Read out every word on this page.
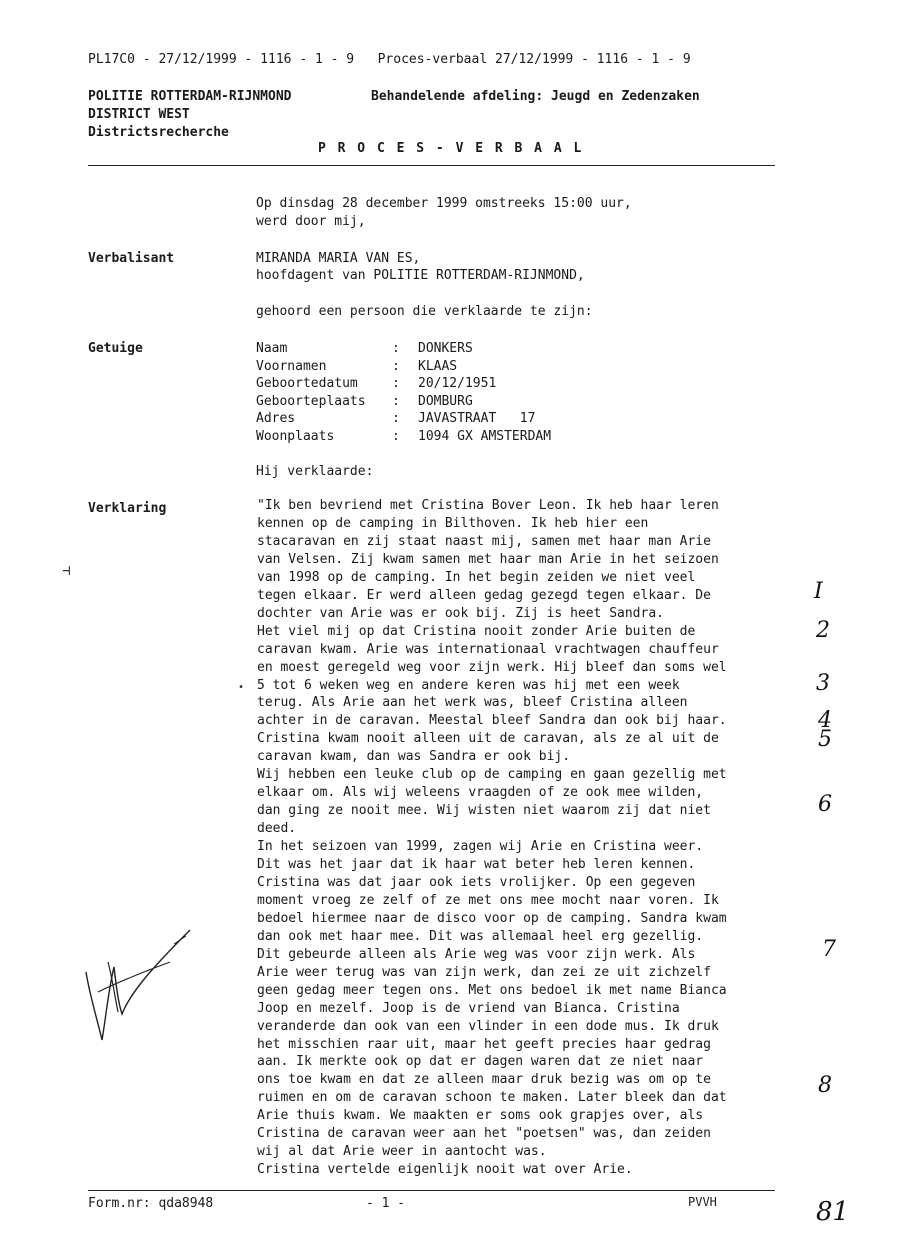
PL17C0 - 27/12/1999 - 1116 - 1 - 9   Proces-verbaal 27/12/1999 - 1116 - 1 - 9
POLITIE ROTTERDAM-RIJNMOND
DISTRICT WEST
Districtsrecherche
Behandelende afdeling: Jeugd en Zedenzaken
P R O C E S - V E R B A A L
Op dinsdag 28 december 1999 omstreeks 15:00 uur,
werd door mij,
Verbalisant	MIRANDA MARIA VAN ES,
hoofdagent van POLITIE ROTTERDAM-RIJNMOND,
gehoord een persoon die verklaarde te zijn:
Getuige	Naam	: DONKERS
Voornamen	: KLAAS
Geboortedatum	: 20/12/1951
Geboorteplaats : DOMBURG
Adres	: JAVASTRAAT   17
Woonplaats	: 1094 GX AMSTERDAM
Hij verklaarde:
Verklaring	"Ik ben bevriend met Cristina Bover Leon. Ik heb haar leren
kennen op de camping in Bilthoven. Ik heb hier een
stacaravan en zij staat naast mij, samen met haar man Arie
van Velsen. Zij kwam samen met haar man Arie in het seizoen
van 1998 op de camping. In het begin zeiden we niet veel
tegen elkaar. Er werd alleen gedag gezegd tegen elkaar. De
dochter van Arie was er ook bij. Zij is heet Sandra.
Het viel mij op dat Cristina nooit zonder Arie buiten de
caravan kwam. Arie was internationaal vrachtwagen chauffeur
en moest geregeld weg voor zijn werk. Hij bleef dan soms wel
5 tot 6 weken weg en andere keren was hij met een week
terug. Als Arie aan het werk was, bleef Cristina alleen
achter in de caravan. Meestal bleef Sandra dan ook bij haar.
Cristina kwam nooit alleen uit de caravan, als ze al uit de
caravan kwam, dan was Sandra er ook bij.
Wij hebben een leuke club op de camping en gaan gezellig met
elkaar om. Als wij weleens vraagden of ze ook mee wilden,
dan ging ze nooit mee. Wij wisten niet waarom zij dat niet
deed.
In het seizoen van 1999, zagen wij Arie en Cristina weer.
Dit was het jaar dat ik haar wat beter heb leren kennen.
Cristina was dat jaar ook iets vrolijker. Op een gegeven
moment vroeg ze zelf of ze met ons mee mocht naar voren. Ik
bedoel hiermee naar de disco voor op de camping. Sandra kwam
dan ook met haar mee. Dit was allemaal heel erg gezellig.
Dit gebeurde alleen als Arie weg was voor zijn werk. Als
Arie weer terug was van zijn werk, dan zei ze uit zichzelf
geen gedag meer tegen ons. Met ons bedoel ik met name Bianca
Joop en mezelf. Joop is de vriend van Bianca. Cristina
veranderde dan ook van een vlinder in een dode mus. Ik druk
het misschien raar uit, maar het geeft precies haar gedrag
aan. Ik merkte ook op dat er dagen waren dat ze niet naar
ons toe kwam en dat ze alleen maar druk bezig was om op te
ruimen en om de caravan schoon te maken. Later bleek dan dat
Arie thuis kwam. We maakten er soms ook grapjes over, als
Cristina de caravan weer aan het "poetsen" was, dan zeiden
wij al dat Arie weer in aantocht was.
Cristina vertelde eigenlijk nooit wat over Arie.
I
2
3
4
5
6
7
8
⊣
•
Form.nr: qda8948	- 1 -	PVVH	81
